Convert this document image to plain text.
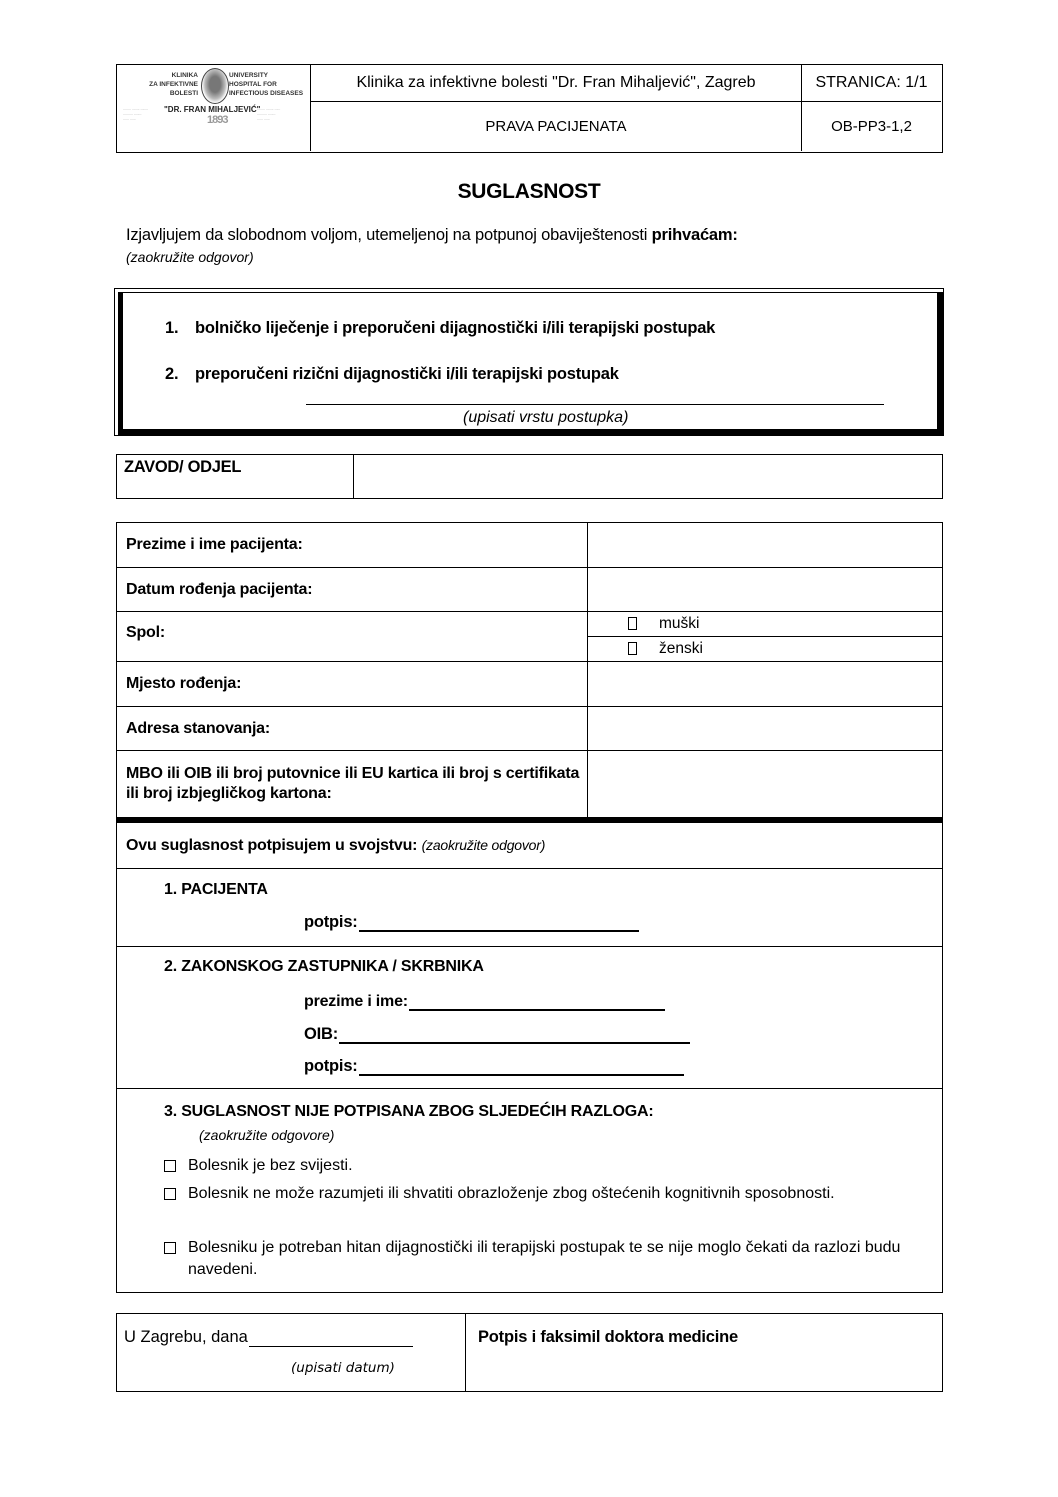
KLINIKA
ZA INFEKTIVNE
BOLESTI
UNIVERSITY
HOSPITAL FOR
INFECTIOUS DISEASES
"DR. FRAN MIHALJEVIĆ"
........ ........ ........
.......... ........
...... ......
........ ........ ......
.......... ........
...... ......
1893
Klinika za infektivne bolesti "Dr. Fran Mihaljević", Zagreb	STRANICA: 1/1
PRAVA PACIJENATA	OB-PP3-1,2
SUGLASNOST
Izjavljujem da slobodnom voljom, utemeljenoj na potpunoj obaviještenosti prihvaćam:
(zaokružite odgovor)
1. bolničko liječenje i preporučeni dijagnostički i/ili terapijski postupak
2. preporučeni rizični dijagnostički i/ili terapijski postupak
(upisati vrstu postupka)
ZAVOD/ ODJEL
Prezime i ime pacijenta:
Datum rođenja pacijenta:
Spol:
muški
ženski
Mjesto rođenja:
Adresa stanovanja:
MBO ili OIB ili broj putovnice ili EU kartica ili broj s certifikata ili broj izbjegličkog kartona:
Ovu suglasnost potpisujem u svojstvu: (zaokružite odgovor)
1. PACIJENTA
potpis:
2. ZAKONSKOG ZASTUPNIKA / SKRBNIKA
prezime i ime:
OIB:
potpis:
3. SUGLASNOST NIJE POTPISANA ZBOG SLJEDEĆIH RAZLOGA:
(zaokružite odgovore)
Bolesnik je bez svijesti.
Bolesnik ne može razumjeti ili shvatiti obrazloženje zbog oštećenih kognitivnih sposobnosti.
Bolesniku je potreban hitan dijagnostički ili terapijski postupak te se nije moglo čekati da razlozi budu navedeni.
U Zagrebu, dana
(upisati datum)
Potpis i faksimil doktora medicine
